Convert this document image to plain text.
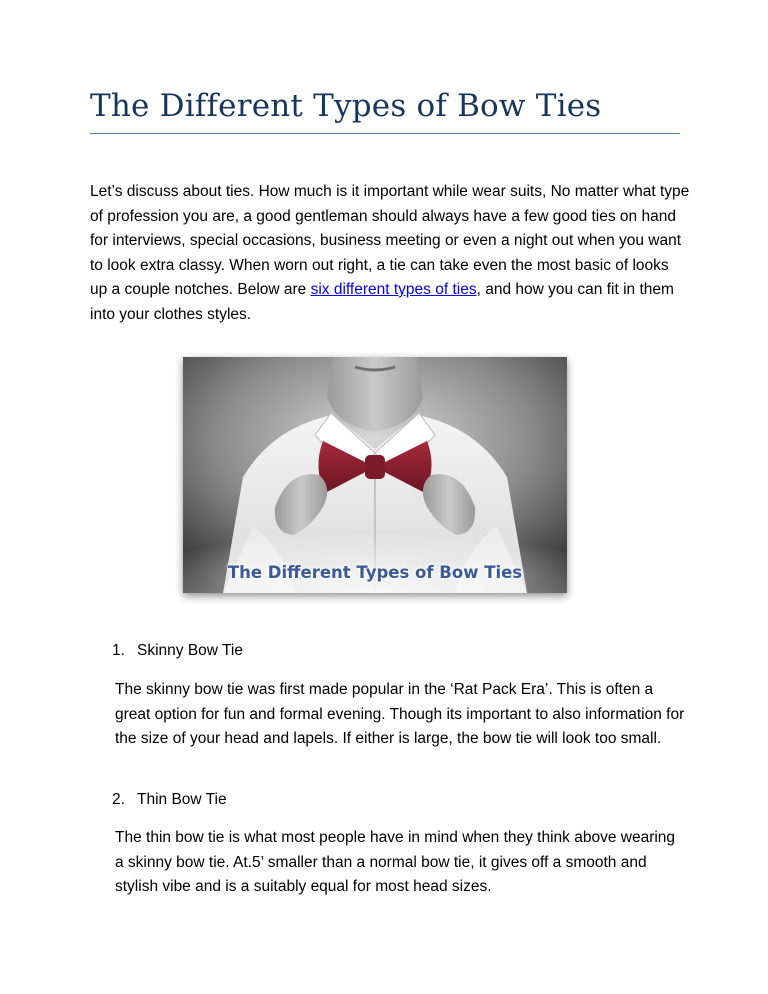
The Different Types of Bow Ties

Let’s discuss about ties. How much is it important while wear suits, No matter what type of profession you are, a good gentleman should always have a few good ties on hand for interviews, special occasions, business meeting or even a night out when you want to look extra classy. When worn out right, a tie can take even the most basic of looks up a couple notches. Below are six different types of ties, and how you can fit in them into your clothes styles.

The Different Types of Bow Ties

1. Skinny Bow Tie

The skinny bow tie was first made popular in the ‘Rat Pack Era’. This is often a great option for fun and formal evening. Though its important to also information for the size of your head and lapels. If either is large, the bow tie will look too small.

2. Thin Bow Tie

The thin bow tie is what most people have in mind when they think above wearing a skinny bow tie. At.5’ smaller than a normal bow tie, it gives off a smooth and stylish vibe and is a suitably equal for most head sizes.
